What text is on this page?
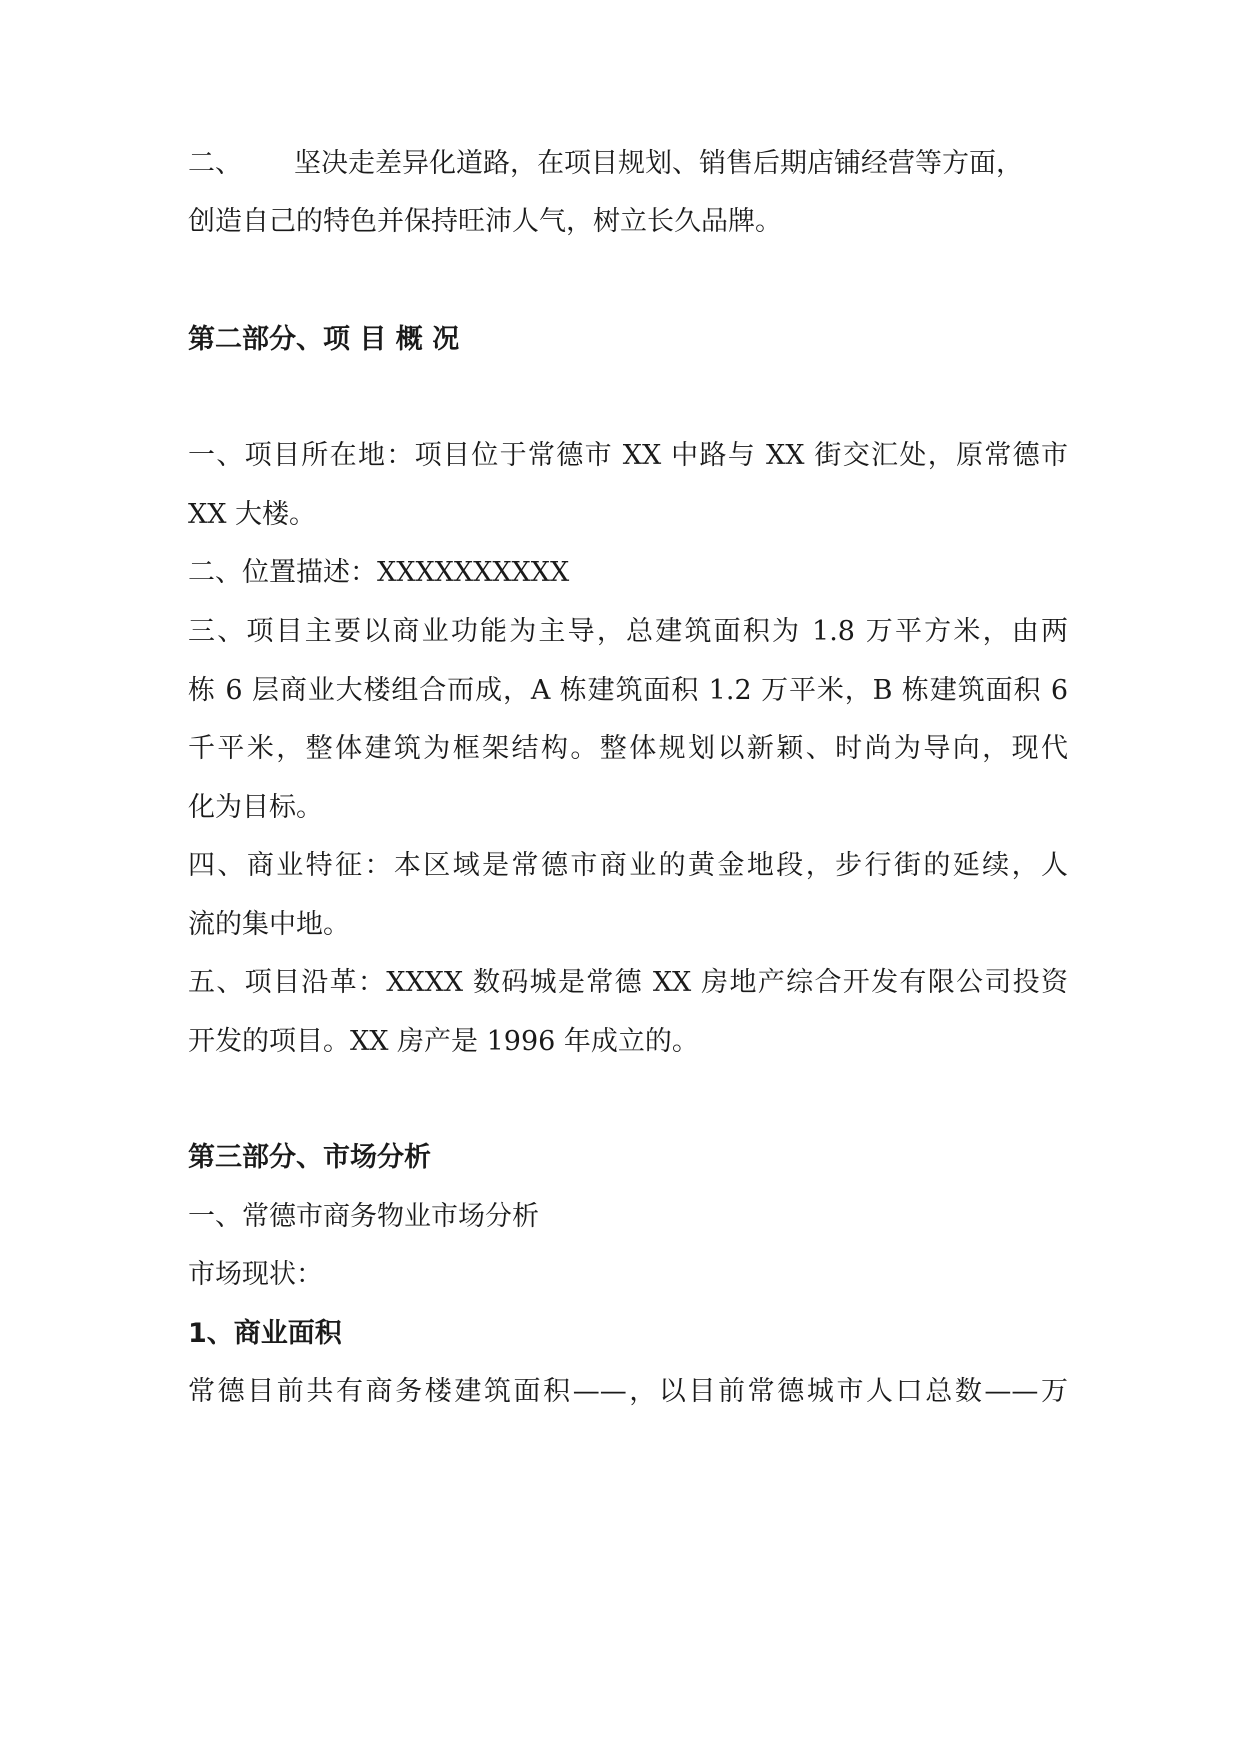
二、 坚决走差异化道路，在项目规划、销售后期店铺经营等方面，
创造自己的特色并保持旺沛人气，树立长久品牌。
第二部分、项 目 概 况
一、项目所在地：项目位于常德市 XX 中路与 XX 街交汇处，原常德市
XX 大楼。
二、位置描述：XXXXXXXXXX
三、项目主要以商业功能为主导，总建筑面积为 1.8 万平方米，由两
栋 6 层商业大楼组合而成，A 栋建筑面积 1.2 万平米，B 栋建筑面积 6
千平米，整体建筑为框架结构。整体规划以新颖、时尚为导向，现代
化为目标。
四、商业特征：本区域是常德市商业的黄金地段，步行街的延续，人
流的集中地。
五、项目沿革：XXXX 数码城是常德 XX 房地产综合开发有限公司投资
开发的项目。XX 房产是 1996 年成立的。
第三部分、市场分析
一、常德市商务物业市场分析
市场现状：
1、商业面积
常德目前共有商务楼建筑面积——，以目前常德城市人口总数——万
